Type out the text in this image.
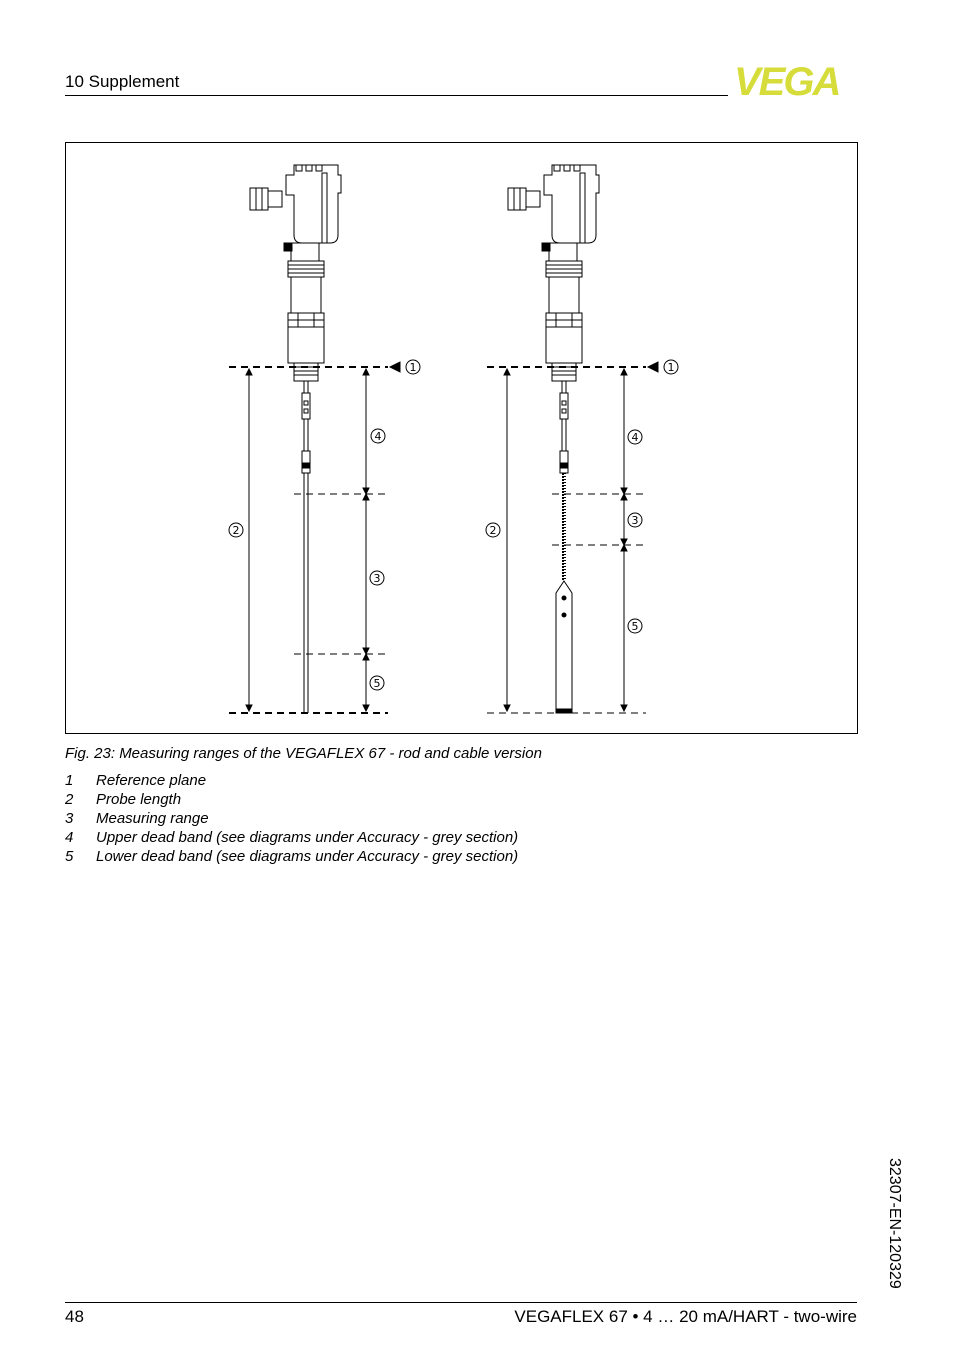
10 Supplement	VEGA
1
4
2
3
5
1
4
2
3
5
Fig. 23: Measuring ranges of the VEGAFLEX 67 - rod and cable version
1 Reference plane
2 Probe length
3 Measuring range
4 Upper dead band (see diagrams under Accuracy - grey section)
5 Lower dead band (see diagrams under Accuracy - grey section)
32307-EN-120329
48	VEGAFLEX 67 • 4 … 20 mA/HART - two-wire
